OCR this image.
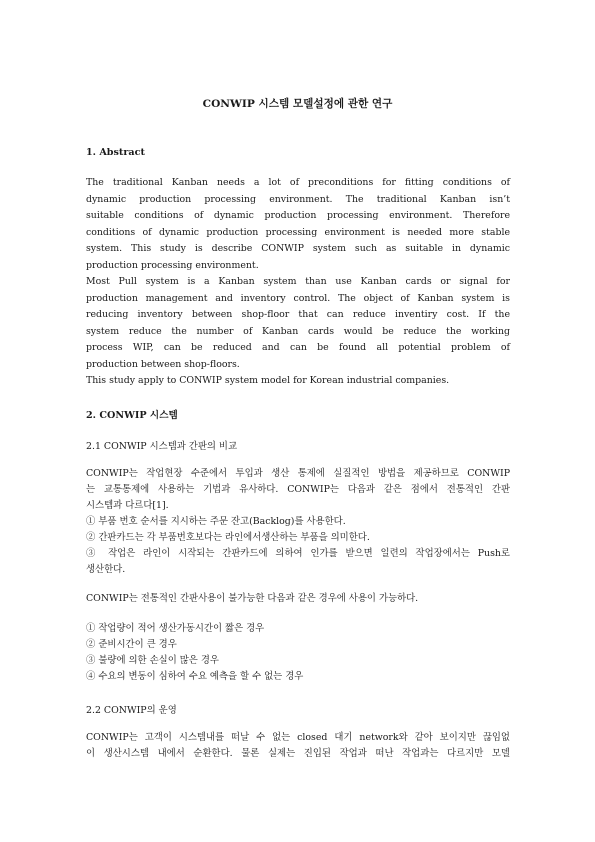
CONWIP 시스템 모델설정에 관한 연구
1. Abstract
The traditional Kanban needs a lot of preconditions for fitting conditions of
dynamic production processing environment. The traditional Kanban isn’t
suitable conditions of dynamic production processing environment. Therefore
conditions of dynamic production processing environment is needed more stable
system. This study is describe CONWIP system such as suitable in dynamic
production processing environment.
Most Pull system is a Kanban system than use Kanban cards or signal for
production management and inventory control. The object of Kanban system is
reducing inventory between shop-floor that can reduce inventiry cost. If the
system reduce the number of Kanban cards would be reduce the working
process WIP, can be reduced and can be found all potential problem of
production between shop-floors.
This study apply to CONWIP system model for Korean industrial companies.
2. CONWIP 시스템
2.1 CONWIP 시스템과 간판의 비교
CONWIP는 작업현장 수준에서 투입과 생산 통제에 실질적인 방법을 제공하므로 CONWIP
는 교통통제에 사용하는 기법과 유사하다. CONWIP는 다음과 같은 점에서 전통적인 간판
시스템과 다르다[1].
① 부품 번호 순서를 지시하는 주문 잔고(Backlog)를 사용한다.
② 간판카드는 각 부품번호보다는 라인에서생산하는 부품을 의미한다.
③ 작업은 라인이 시작되는 간판카드에 의하여 인가를 받으면 일련의 작업장에서는 Push로
생산한다.
CONWIP는 전통적인 간판사용이 불가능한 다음과 같은 경우에 사용이 가능하다.
① 작업량이 적어 생산가동시간이 짧은 경우
② 준비시간이 큰 경우
③ 불량에 의한 손실이 많은 경우
④ 수요의 변동이 심하여 수요 예측을 할 수 없는 경우
2.2 CONWIP의 운영
CONWIP는 고객이 시스템내를 떠날 수 없는 closed 대기 network와 같아 보이지만 끊임없
이 생산시스템 내에서 순환한다. 물론 실제는 진입된 작업과 떠난 작업과는 다르지만 모델
